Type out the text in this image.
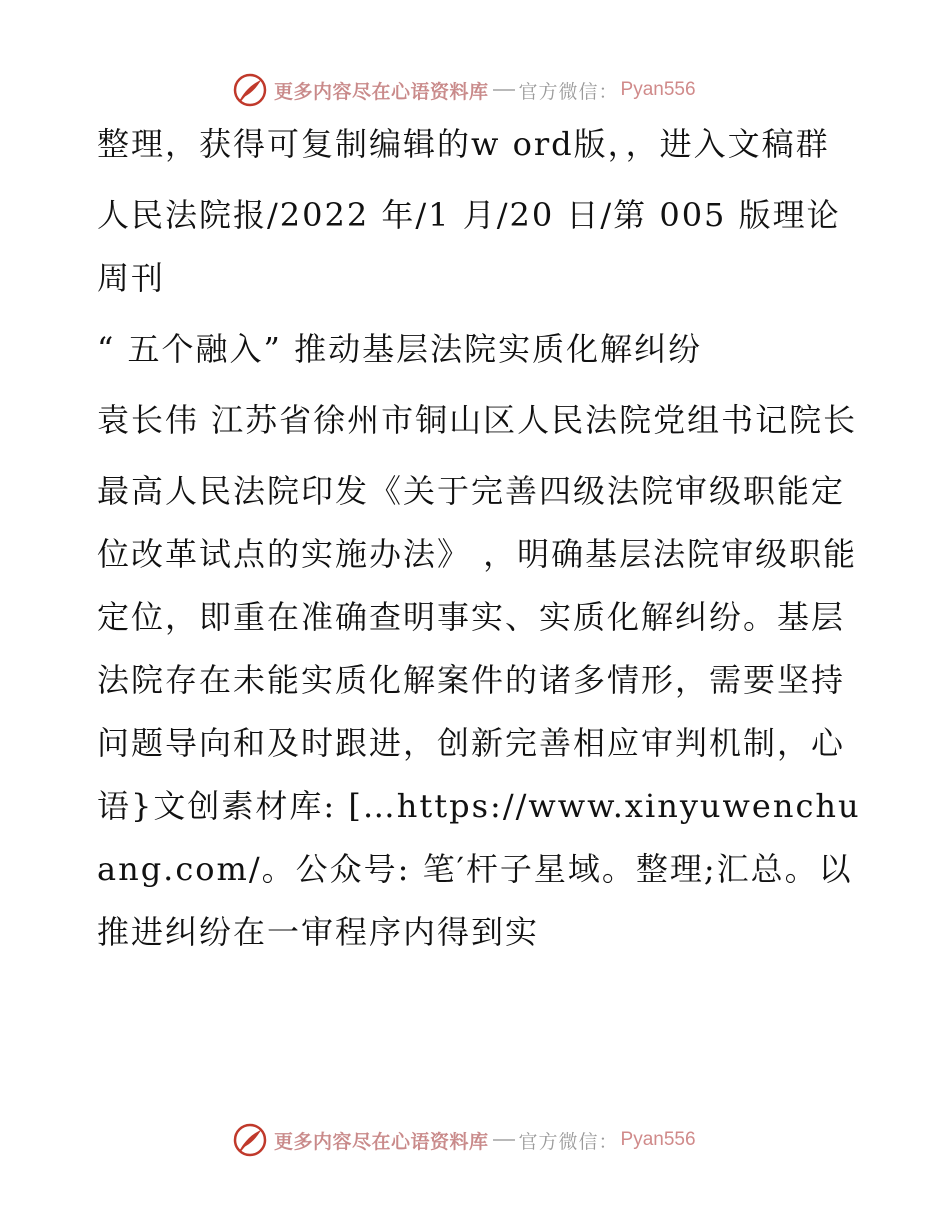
更多内容尽在心语资料库 官方微信： Pyan556

整理，获得可复制编辑的w ord版，，进入文稿群

人民法院报/2022 年/1 月/20 日/第 005 版理论周刊

“ 五个融入” 推动基层法院实质化解纠纷

袁长伟 江苏省徐州市铜山区人民法院党组书记院长

最高人民法院印发《关于完善四级法院审级职能定位改革试点的实施办法》 ，明确基层法院审级职能定位，即重在准确查明事实、实质化解纠纷。基层法院存在未能实质化解案件的诸多情形，需要坚持问题导向和及时跟进，创新完善相应审判机制，心语}文创素材库: […https://www.xinyuwenchuang.com/。公众号: 笔′杆子星域。整理;汇总。以推进纠纷在一审程序内得到实

更多内容尽在心语资料库 官方微信： Pyan556
